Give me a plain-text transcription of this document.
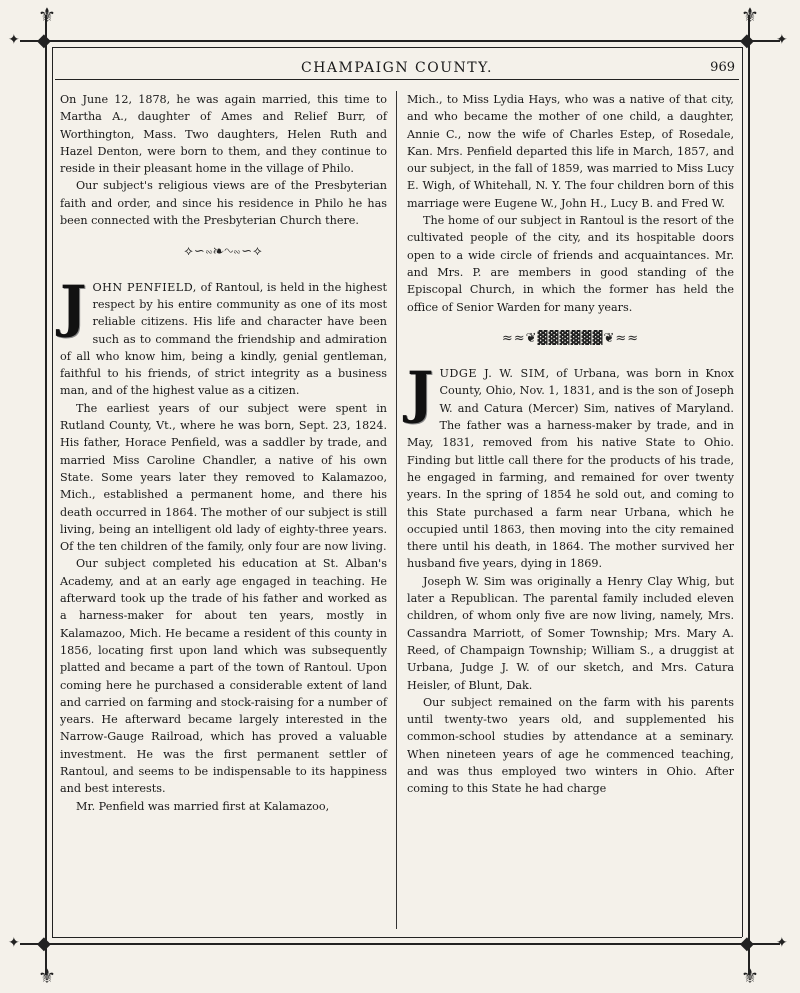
⚜	⚜
⚜	⚜
◆	◆
◆	◆
✦	✦
✦	✦
CHAMPAIGN COUNTY.	969

On June 12, 1878, he was again married, this time to Martha A., daughter of Ames and Relief Burr, of Worthington, Mass. Two daughters, Helen Ruth and Hazel Denton, were born to them, and they continue to reside in their pleasant home in the village of Philo.

Our subject's religious views are of the Presbyterian faith and order, and since his residence in Philo he has been connected with the Presbyterian Church there.

⟡∽∾❧∿∾∽⟡

JOHN PENFIELD, of Rantoul, is held in the highest respect by his entire community as one of its most reliable citizens. His life and character have been such as to command the friendship and admiration of all who know him, being a kindly, genial gentleman, faithful to his friends, of strict integrity as a business man, and of the highest value as a citizen.

The earliest years of our subject were spent in Rutland County, Vt., where he was born, Sept. 23, 1824. His father, Horace Penfield, was a saddler by trade, and married Miss Caroline Chandler, a native of his own State. Some years later they removed to Kalamazoo, Mich., established a permanent home, and there his death occurred in 1864. The mother of our subject is still living, being an intelligent old lady of eighty-three years. Of the ten children of the family, only four are now living.

Our subject completed his education at St. Alban's Academy, and at an early age engaged in teaching. He afterward took up the trade of his father and worked as a harness-maker for about ten years, mostly in Kalamazoo, Mich. He became a resident of this county in 1856, locating first upon land which was subsequently platted and became a part of the town of Rantoul. Upon coming here he purchased a considerable extent of land and carried on farming and stock-raising for a number of years. He afterward became largely interested in the Narrow-Gauge Railroad, which has proved a valuable investment. He was the first permanent settler of Rantoul, and seems to be indispensable to its happiness and best interests.

Mr. Penfield was married first at Kalamazoo,

Mich., to Miss Lydia Hays, who was a native of that city, and who became the mother of one child, a daughter, Annie C., now the wife of Charles Estep, of Rosedale, Kan. Mrs. Penfield departed this life in March, 1857, and our subject, in the fall of 1859, was married to Miss Lucy E. Wigh, of Whitehall, N. Y. The four children born of this marriage were Eugene W., John H., Lucy B. and Fred W.

The home of our subject in Rantoul is the resort of the cultivated people of the city, and its hospitable doors open to a wide circle of friends and acquaintances. Mr. and Mrs. P. are members in good standing of the Episcopal Church, in which the former has held the office of Senior Warden for many years.

≈≈❦▓▓▓▓▓▓❦≈≈

JUDGE J. W. SIM, of Urbana, was born in Knox County, Ohio, Nov. 1, 1831, and is the son of Joseph W. and Catura (Mercer) Sim, natives of Maryland. The father was a harness-maker by trade, and in May, 1831, removed from his native State to Ohio. Finding but little call there for the products of his trade, he engaged in farming, and remained for over twenty years. In the spring of 1854 he sold out, and coming to this State purchased a farm near Urbana, which he occupied until 1863, then moving into the city remained there until his death, in 1864. The mother survived her husband five years, dying in 1869.

Joseph W. Sim was originally a Henry Clay Whig, but later a Republican. The parental family included eleven children, of whom only five are now living, namely, Mrs. Cassandra Marriott, of Somer Township; Mrs. Mary A. Reed, of Champaign Township; William S., a druggist at Urbana, Judge J. W. of our sketch, and Mrs. Catura Heisler, of Blunt, Dak.

Our subject remained on the farm with his parents until twenty-two years old, and supplemented his common-school studies by attendance at a seminary. When nineteen years of age he commenced teaching, and was thus employed two winters in Ohio. After coming to this State he had charge
